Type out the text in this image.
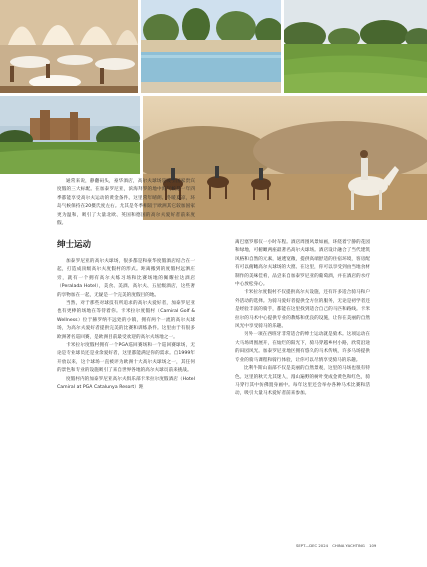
通常来说，静翻码头，豪华酒店，高尔夫球场是吸引国家贵宾度假的三大标配。在加泰罗尼亚，滨海拜罗的地中海气候是一年四季都能享受高尔夫运动的黄金条件。这里常年晴朗、冬暖夏凉，环岛气候保持在20摄氏度左右。尤其是冬季相较于欧洲其它较加国家更为温和，吸引了大量北欧、英国和德国的高尔夫爱好者前来度假。

绅士运动

加泰罗尼亚的高尔夫球场，很多都是和豪华度假酒店结合在一起，打造成顶级高尔夫度假村的形式。距离搬到的度假村远洒庄旁，就有一个拥有高尔夫练习场和比赛场地的佩耀拉达酒店（Peralada Hotel），美食、美酒、高尔夫、五星级酒店，这些奢的享物加在一起，无疑是一个完美的度假目的地。

当然，对于那些对球技有所追求的高尔夫爱好者，加泰罗尼亚也有更棒的场地在等待着你。卡米拉尔度假村（Camiral Golf & Wellness）位于赫罗纳不远处的小镇，拥有两个一流的高尔夫球场，为高尔夫爱好者提供完美的比赛和训练条件。这里由于有很多欧洲著名巡回赛，是欧洲目前最受欢迎的高尔夫场地之一。

卡米拉尔度假村拥有一个PGA巡回赛场和一个巡回赛球场，无论是专业球员还是业余爱好者，这里都能满足你的需求。自1999年开放以来，这个球场一直被评为欧洲十大高尔夫球场之一，其任何的景色和专业的设施吸引了来自世界各地的高尔夫球员前来挑战。

度假村内的加泰罗尼亚高尔夫俱乐部卡米拉尔度假酒店（Hotel Camiral at PGA Catalunya Resort）距

离巴塞罗那仅一小时车程。酒店周围风景如画，环绕着宁静的花园和绿地，可俯瞰两座最著名高尔夫球场。酒店设计融合了当代建筑风格和自然的元素，通透宽敞，提供高端舒适的住宿环境，客房配有可以俯瞰高尔夫球场的大窗。在这里，你可以享受到由当地食材制作的美味佳肴，品尝来自加泰罗尼亚的葡萄酒，并在酒店的水疗中心放松身心。

卡米拉尔度假村不仅提供高尔夫设施，还有许多适合骑马和户外活动的选择。为骑马爱好者提供全方位的服务，无论是初学者还是经验丰富的骑手，都能在这里找到适合自己的马匹和路线。卡米拉尔的马术中心提供专业的教练和优良的设施，让你在美丽的自然风光中享受骑马的乐趣。

另外一项在西班牙非常适合的绅士运动就是骑术。这项运动在大马场周围展开，在灿烂的阳光下，骑马穿越乡村小路，欣赏沿途的田园风光。加泰罗尼亚地区拥有悠久的马术传统，许多马场提供专业的骑马课程和骑行体验，让你可以尽情享受骑马的乐趣。

比利牛斯山南部不仅是美丽的自然景观，这里的马场也很有特色。这里的秋天尤其迷人，漫山遍野的树叶变成金黄色和红色，骑马穿行其中仿佛置身画中。每年这里还会举办各种马术比赛和活动，吸引大量马术爱好者前来参加。

SEPT—DEC 2024 CHINA YACHTING 109
